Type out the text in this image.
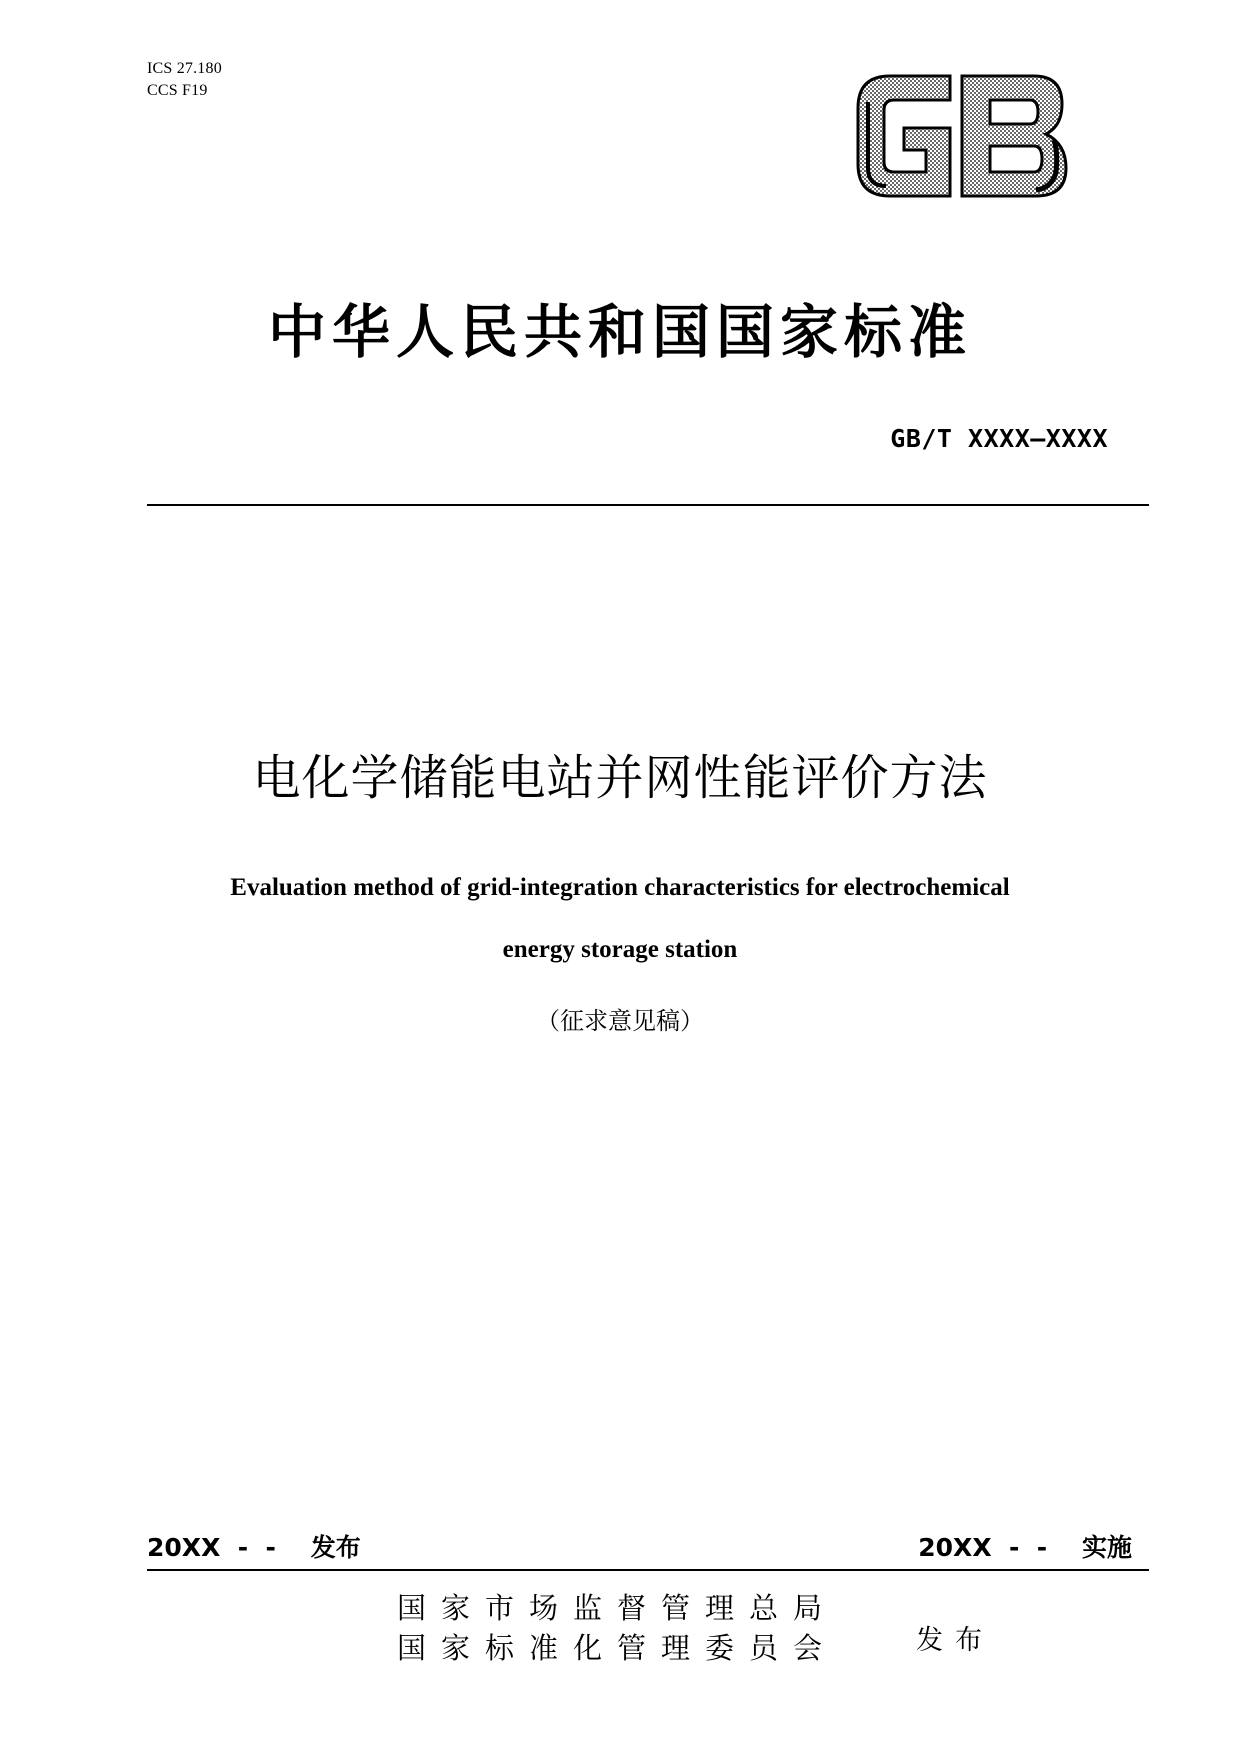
ICS 27.180
CCS F19
中华人民共和国国家标准
GB/T XXXX—XXXX
电化学储能电站并网性能评价方法
Evaluation method of grid-integration characteristics for electrochemical
energy storage station
（征求意见稿）
20XX  -  -    发布	20XX  -  -    实施
国家市场监督管理总局
国家标准化管理委员会	发布
